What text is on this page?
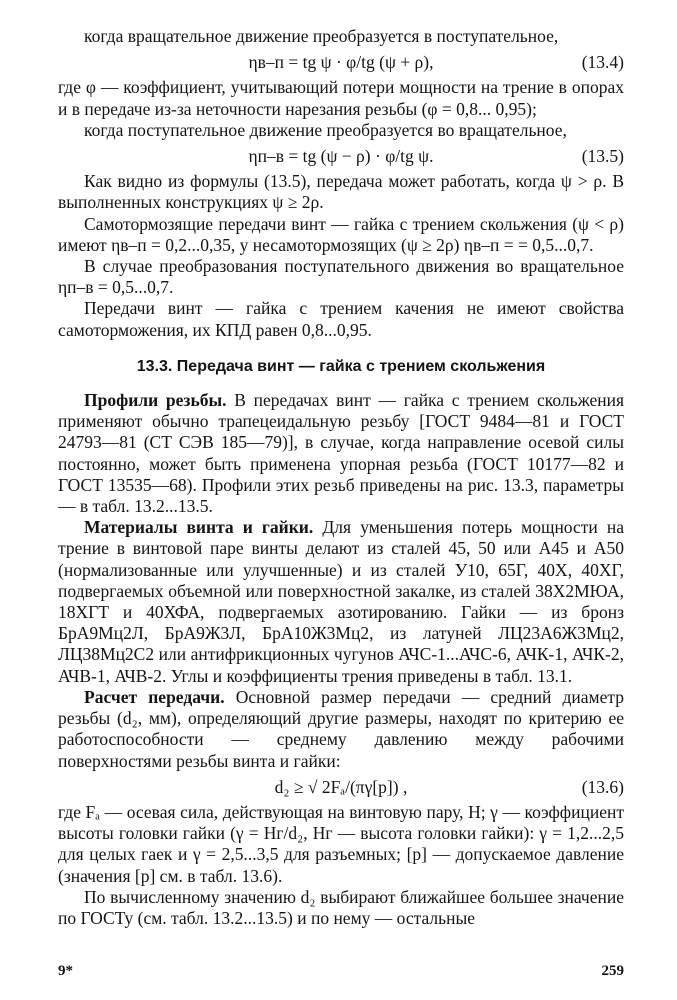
когда вращательное движение преобразуется в поступательное,

ηв–п = tg ψ · φ/tg (ψ + ρ),	(13.4)

где φ — коэффициент, учитывающий потери мощности на трение в опорах и в передаче из-за неточности нарезания резьбы (φ = 0,8... 0,95);

когда поступательное движение преобразуется во вращательное,

ηп–в = tg (ψ − ρ) · φ/tg ψ.	(13.5)

Как видно из формулы (13.5), передача может работать, когда ψ > ρ. В выполненных конструкциях ψ ≥ 2ρ.

Самотормозящие передачи винт — гайка с трением скольжения (ψ < ρ) имеют ηв–п = 0,2...0,35, у несамотормозящих (ψ ≥ 2ρ) ηв–п = = 0,5...0,7.

В случае преобразования поступательного движения во вращательное ηп–в = 0,5...0,7.

Передачи винт — гайка с трением качения не имеют свойства самоторможения, их КПД равен 0,8...0,95.

13.3. Передача винт — гайка с трением скольжения

Профили резьбы. В передачах винт — гайка с трением скольжения применяют обычно трапецеидальную резьбу [ГОСТ 9484—81 и ГОСТ 24793—81 (СТ СЭВ 185—79)], в случае, когда направление осевой силы постоянно, может быть применена упорная резьба (ГОСТ 10177—82 и ГОСТ 13535—68). Профили этих резьб приведены на рис. 13.3, параметры — в табл. 13.2...13.5.

Материалы винта и гайки. Для уменьшения потерь мощности на трение в винтовой паре винты делают из сталей 45, 50 или А45 и А50 (нормализованные или улучшенные) и из сталей У10, 65Г, 40Х, 40ХГ, подвергаемых объемной или поверхностной закалке, из сталей 38Х2МЮА, 18ХГТ и 40ХФА, подвергаемых азотированию. Гайки — из бронз БрА9Мц2Л, БрА9Ж3Л, БрА10Ж3Мц2, из латуней ЛЦ23А6Ж3Мц2, ЛЦ38Мц2С2 или антифрикционных чугунов АЧС-1...АЧС-6, АЧК-1, АЧК-2, АЧВ-1, АЧВ-2. Углы и коэффициенты трения приведены в табл. 13.1.

Расчет передачи. Основной размер передачи — средний диаметр резьбы (d₂, мм), определяющий другие размеры, находят по критерию ее работоспособности — среднему давлению между рабочими поверхностями резьбы винта и гайки:

d₂ ≥ √ 2Fₐ/(πγ[p]) ,	(13.6)

где Fₐ — осевая сила, действующая на винтовую пару, Н; γ — коэффициент высоты головки гайки (γ = Hг/d₂, Hг — высота головки гайки): γ = 1,2...2,5 для целых гаек и γ = 2,5...3,5 для разъемных; [p] — допускаемое давление (значения [p] см. в табл. 13.6).

По вычисленному значению d₂ выбирают ближайшее большее значение по ГОСТу (см. табл. 13.2...13.5) и по нему — остальные

9*	259
